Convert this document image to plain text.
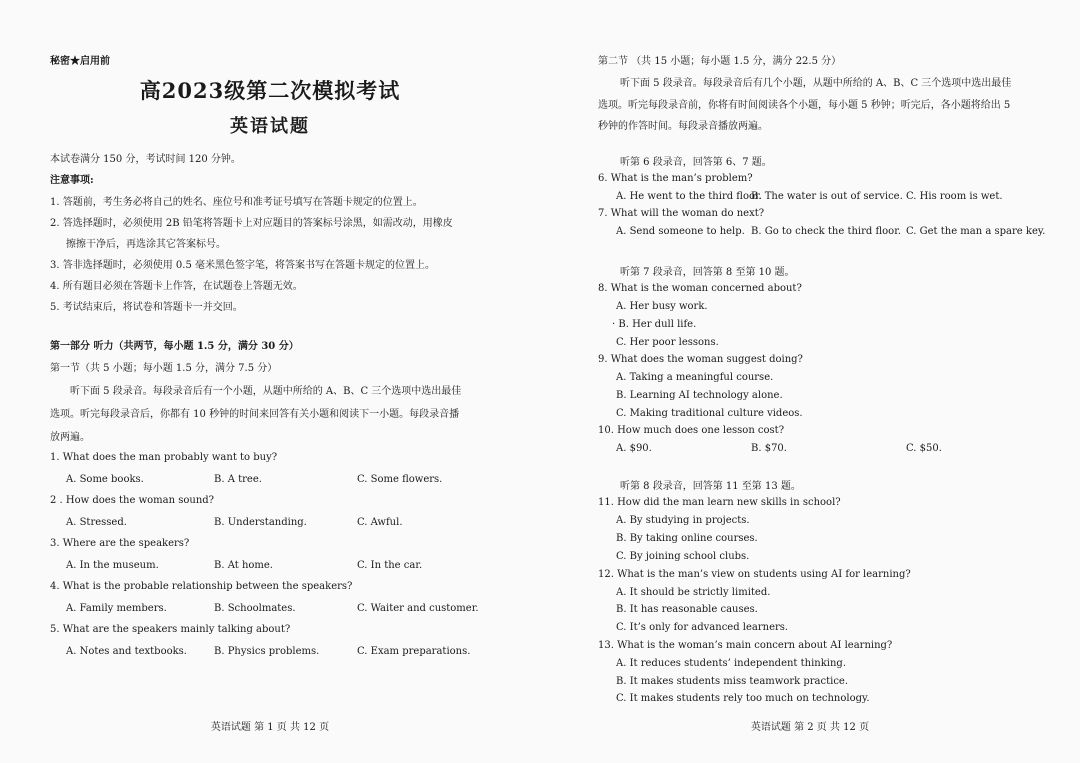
秘密★启用前
高2023级第二次模拟考试
英语试题
本试卷满分 150 分，考试时间 120 分钟。
注意事项:
1. 答题前，考生务必将自己的姓名、座位号和准考证号填写在答题卡规定的位置上。
2. 答选择题时，必须使用 2B 铅笔将答题卡上对应题目的答案标号涂黑，如需改动，用橡皮
擦擦干净后，再选涂其它答案标号。
3. 答非选择题时，必须使用 0.5 毫米黑色签字笔，将答案书写在答题卡规定的位置上。
4. 所有题目必须在答题卡上作答，在试题卷上答题无效。
5. 考试结束后，将试卷和答题卡一并交回。
第一部分 听力（共两节，每小题 1.5 分，满分 30 分）
第一节（共 5 小题；每小题 1.5 分，满分 7.5 分）
听下面 5 段录音。每段录音后有一个小题，从题中所给的 A、B、C 三个选项中选出最佳
选项。听完每段录音后，你都有 10 秒钟的时间来回答有关小题和阅读下一小题。每段录音播
放两遍。
1. What does the man probably want to buy?
A. Some books.	B. A tree.	C. Some flowers.
2 . How does the woman sound?
A. Stressed.	B. Understanding.	C. Awful.
3. Where are the speakers?
A. In the museum.	B. At home.	C. In the car.
4. What is the probable relationship between the speakers?
A. Family members.	B. Schoolmates.	C. Waiter and customer.
5. What are the speakers mainly talking about?
A. Notes and textbooks.	B. Physics problems.	C. Exam preparations.
英语试题 第 1 页 共 12 页
第二节 （共 15 小题；每小题 1.5 分，满分 22.5 分）
听下面 5 段录音。每段录音后有几个小题，从题中所给的 A、B、C 三个选项中选出最佳
选项。听完每段录音前，你将有时间阅读各个小题，每小题 5 秒钟；听完后，各小题将给出 5
秒钟的作答时间。每段录音播放两遍。
听第 6 段录音，回答第 6、7 题。
6. What is the man’s problem?
A. He went to the third floor.
B. The water is out of service. C. His room is wet.
7. What will the woman do next?
A. Send someone to help. B. Go to check the third floor. C. Get the man a spare key.
听第 7 段录音，回答第 8 至第 10 题。
8. What is the woman concerned about?
A. Her busy work.
· B. Her dull life.
C. Her poor lessons.
9. What does the woman suggest doing?
A. Taking a meaningful course.
B. Learning AI technology alone.
C. Making traditional culture videos.
10. How much does one lesson cost?
A. $90.	B. $70.	C. $50.
听第 8 段录音，回答第 11 至第 13 题。
11. How did the man learn new skills in school?
A. By studying in projects.
B. By taking online courses.
C. By joining school clubs.
12. What is the man’s view on students using AI for learning?
A. It should be strictly limited.
B. It has reasonable causes.
C. It’s only for advanced learners.
13. What is the woman’s main concern about AI learning?
A. It reduces students’ independent thinking.
B. It makes students miss teamwork practice.
C. It makes students rely too much on technology.
英语试题 第 2 页 共 12 页
